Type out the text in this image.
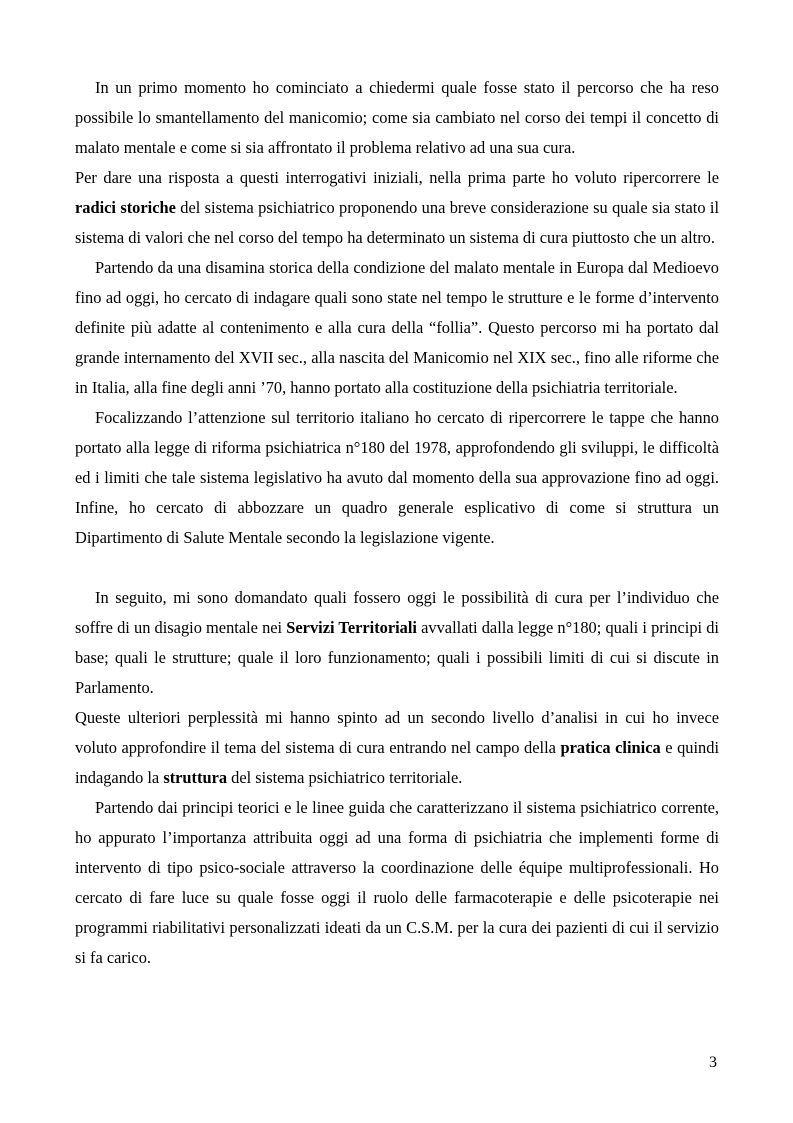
In un primo momento ho cominciato a chiedermi quale fosse stato il percorso che ha reso possibile lo smantellamento del manicomio; come sia cambiato nel corso dei tempi il concetto di malato mentale e come si sia affrontato il problema relativo ad una sua cura.

Per dare una risposta a questi interrogativi iniziali, nella prima parte ho voluto ripercorrere le radici storiche del sistema psichiatrico proponendo una breve considerazione su quale sia stato il sistema di valori che nel corso del tempo ha determinato un sistema di cura piuttosto che un altro.

Partendo da una disamina storica della condizione del malato mentale in Europa dal Medioevo fino ad oggi, ho cercato di indagare quali sono state nel tempo le strutture e le forme d’intervento definite più adatte al contenimento e alla cura della “follia”. Questo percorso mi ha portato dal grande internamento del XVII sec., alla nascita del Manicomio nel XIX sec., fino alle riforme che in Italia, alla fine degli anni ’70, hanno portato alla costituzione della psichiatria territoriale.

Focalizzando l’attenzione sul territorio italiano ho cercato di ripercorrere le tappe che hanno portato alla legge di riforma psichiatrica n°180 del 1978, approfondendo gli sviluppi, le difficoltà ed i limiti che tale sistema legislativo ha avuto dal momento della sua approvazione fino ad oggi. Infine, ho cercato di abbozzare un quadro generale esplicativo di come si struttura un Dipartimento di Salute Mentale secondo la legislazione vigente.

In seguito, mi sono domandato quali fossero oggi le possibilità di cura per l’individuo che soffre di un disagio mentale nei Servizi Territoriali avvallati dalla legge n°180; quali i principi di base; quali le strutture; quale il loro funzionamento; quali i possibili limiti di cui si discute in Parlamento.

Queste ulteriori perplessità mi hanno spinto ad un secondo livello d’analisi in cui ho invece voluto approfondire il tema del sistema di cura entrando nel campo della pratica clinica e quindi indagando la struttura del sistema psichiatrico territoriale.

Partendo dai principi teorici e le linee guida che caratterizzano il sistema psichiatrico corrente, ho appurato l’importanza attribuita oggi ad una forma di psichiatria che implementi forme di intervento di tipo psico-sociale attraverso la coordinazione delle équipe multiprofessionali. Ho cercato di fare luce su quale fosse oggi il ruolo delle farmacoterapie e delle psicoterapie nei programmi riabilitativi personalizzati ideati da un C.S.M. per la cura dei pazienti di cui il servizio si fa carico.

3
